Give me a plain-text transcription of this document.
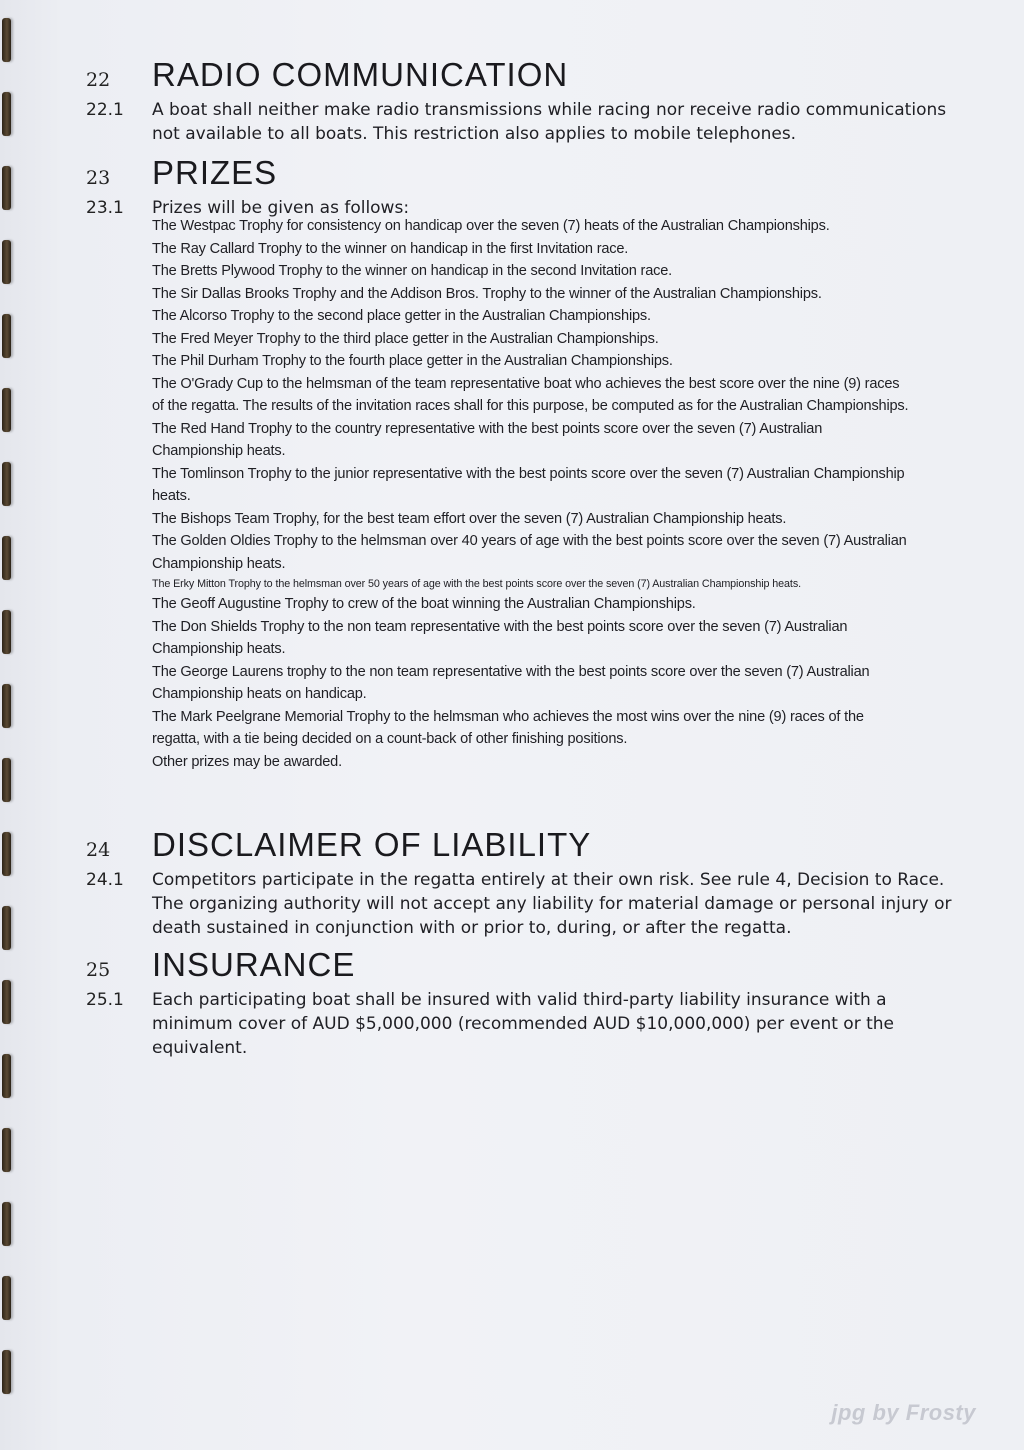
22	RADIO COMMUNICATION
22.1	A boat shall neither make radio transmissions while racing nor receive radio communications not available to all boats. This restriction also applies to mobile telephones.
23	PRIZES
23.1	Prizes will be given as follows:
The Westpac Trophy for consistency on handicap over the seven (7) heats of the Australian Championships.
The Ray Callard Trophy to the winner on handicap in the first Invitation race.
The Bretts Plywood Trophy to the winner on handicap in the second Invitation race.
The Sir Dallas Brooks Trophy and the Addison Bros. Trophy to the winner of the Australian Championships.
The Alcorso Trophy to the second place getter in the Australian Championships.
The Fred Meyer Trophy to the third place getter in the Australian Championships.
The Phil Durham Trophy to the fourth place getter in the Australian Championships.
The O'Grady Cup to the helmsman of the team representative boat who achieves the best score over the nine (9) races of the regatta. The results of the invitation races shall for this purpose, be computed as for the Australian Championships.
The Red Hand Trophy to the country representative with the best points score over the seven (7) Australian Championship heats.
The Tomlinson Trophy to the junior representative with the best points score over the seven (7) Australian Championship heats.
The Bishops Team Trophy, for the best team effort over the seven (7) Australian Championship heats.
The Golden Oldies Trophy to the helmsman over 40 years of age with the best points score over the seven (7) Australian Championship heats.
The Erky Mitton Trophy to the helmsman over 50 years of age with the best points score over the seven (7) Australian Championship heats.
The Geoff Augustine Trophy to crew of the boat winning the Australian Championships.
The Don Shields Trophy to the non team representative with the best points score over the seven (7) Australian Championship heats.
The George Laurens trophy to the non team representative with the best points score over the seven (7) Australian Championship heats on handicap.
The Mark Peelgrane Memorial Trophy to the helmsman who achieves the most wins over the nine (9) races of the regatta, with a tie being decided on a count-back of other finishing positions.
Other prizes may be awarded.
24	DISCLAIMER OF LIABILITY
24.1	Competitors participate in the regatta entirely at their own risk. See rule 4, Decision to Race. The organizing authority will not accept any liability for material damage or personal injury or death sustained in conjunction with or prior to, during, or after the regatta.
25	INSURANCE
25.1	Each participating boat shall be insured with valid third-party liability insurance with a minimum cover of AUD $5,000,000 (recommended AUD $10,000,000) per event or the equivalent.
jpg by Frosty
